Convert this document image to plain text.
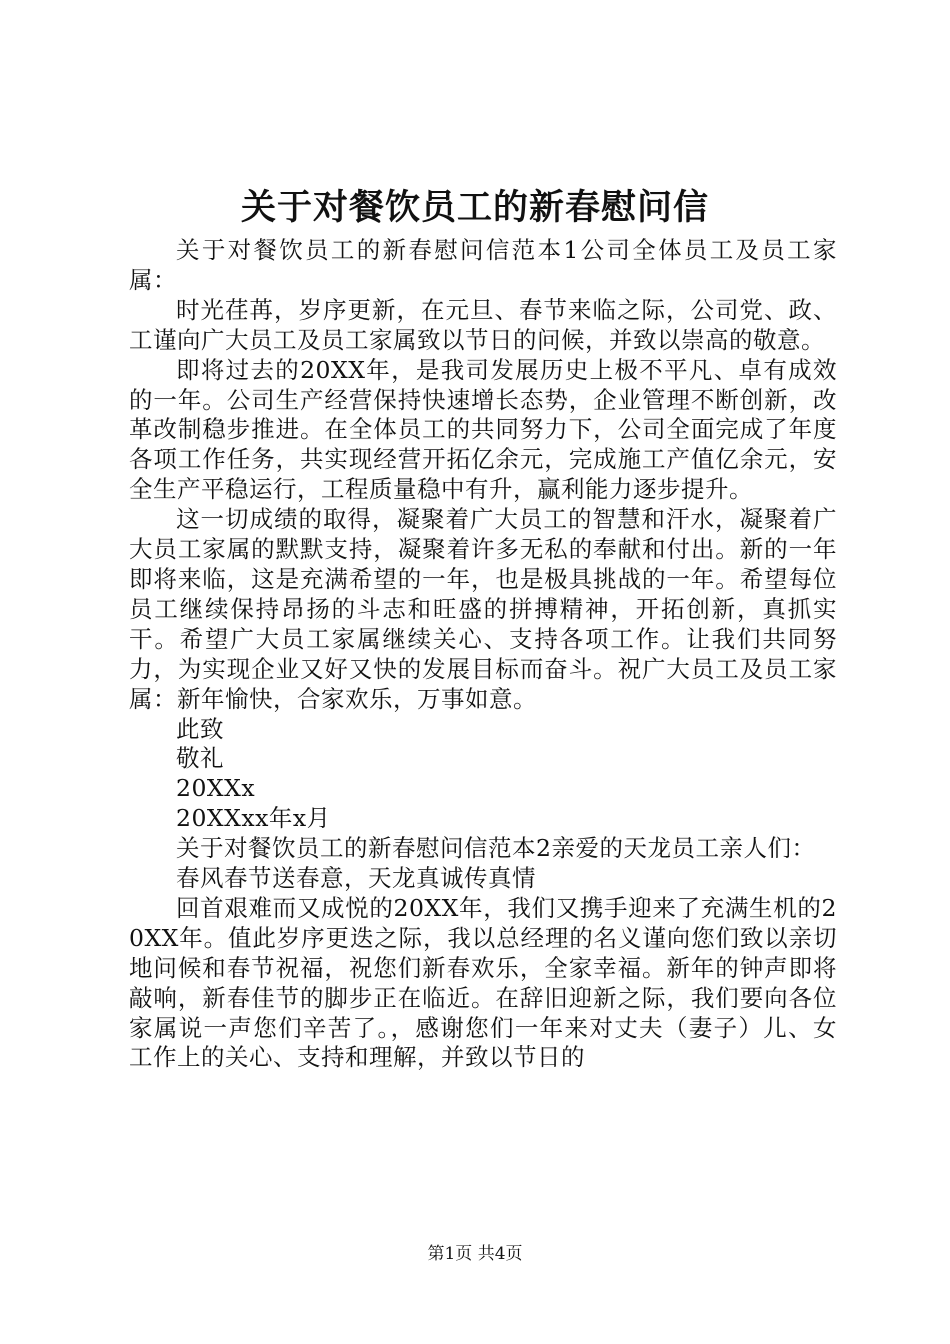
关于对餐饮员工的新春慰问信

关于对餐饮员工的新春慰问信范本1公司全体员工及员工家属：

时光荏苒，岁序更新，在元旦、春节来临之际，公司党、政、工谨向广大员工及员工家属致以节日的问候，并致以崇高的敬意。

即将过去的20XX年，是我司发展历史上极不平凡、卓有成效的一年。公司生产经营保持快速增长态势，企业管理不断创新，改革改制稳步推进。在全体员工的共同努力下，公司全面完成了年度各项工作任务，共实现经营开拓亿余元，完成施工产值亿余元，安全生产平稳运行，工程质量稳中有升，赢利能力逐步提升。

这一切成绩的取得，凝聚着广大员工的智慧和汗水，凝聚着广大员工家属的默默支持，凝聚着许多无私的奉献和付出。新的一年即将来临，这是充满希望的一年，也是极具挑战的一年。希望每位员工继续保持昂扬的斗志和旺盛的拼搏精神，开拓创新，真抓实干。希望广大员工家属继续关心、支持各项工作。让我们共同努力，为实现企业又好又快的发展目标而奋斗。祝广大员工及员工家属：新年愉快，合家欢乐，万事如意。

此致

敬礼

20XXx

20XXxx年x月

关于对餐饮员工的新春慰问信范本2亲爱的天龙员工亲人们：

春风春节送春意，天龙真诚传真情

回首艰难而又成悦的20XX年，我们又携手迎来了充满生机的20XX年。值此岁序更迭之际，我以总经理的名义谨向您们致以亲切地问候和春节祝福，祝您们新春欢乐，全家幸福。新年的钟声即将敲响，新春佳节的脚步正在临近。在辞旧迎新之际，我们要向各位家属说一声您们辛苦了。，感谢您们一年来对丈夫（妻子）儿、女工作上的关心、支持和理解，并致以节日的

第1页 共4页
